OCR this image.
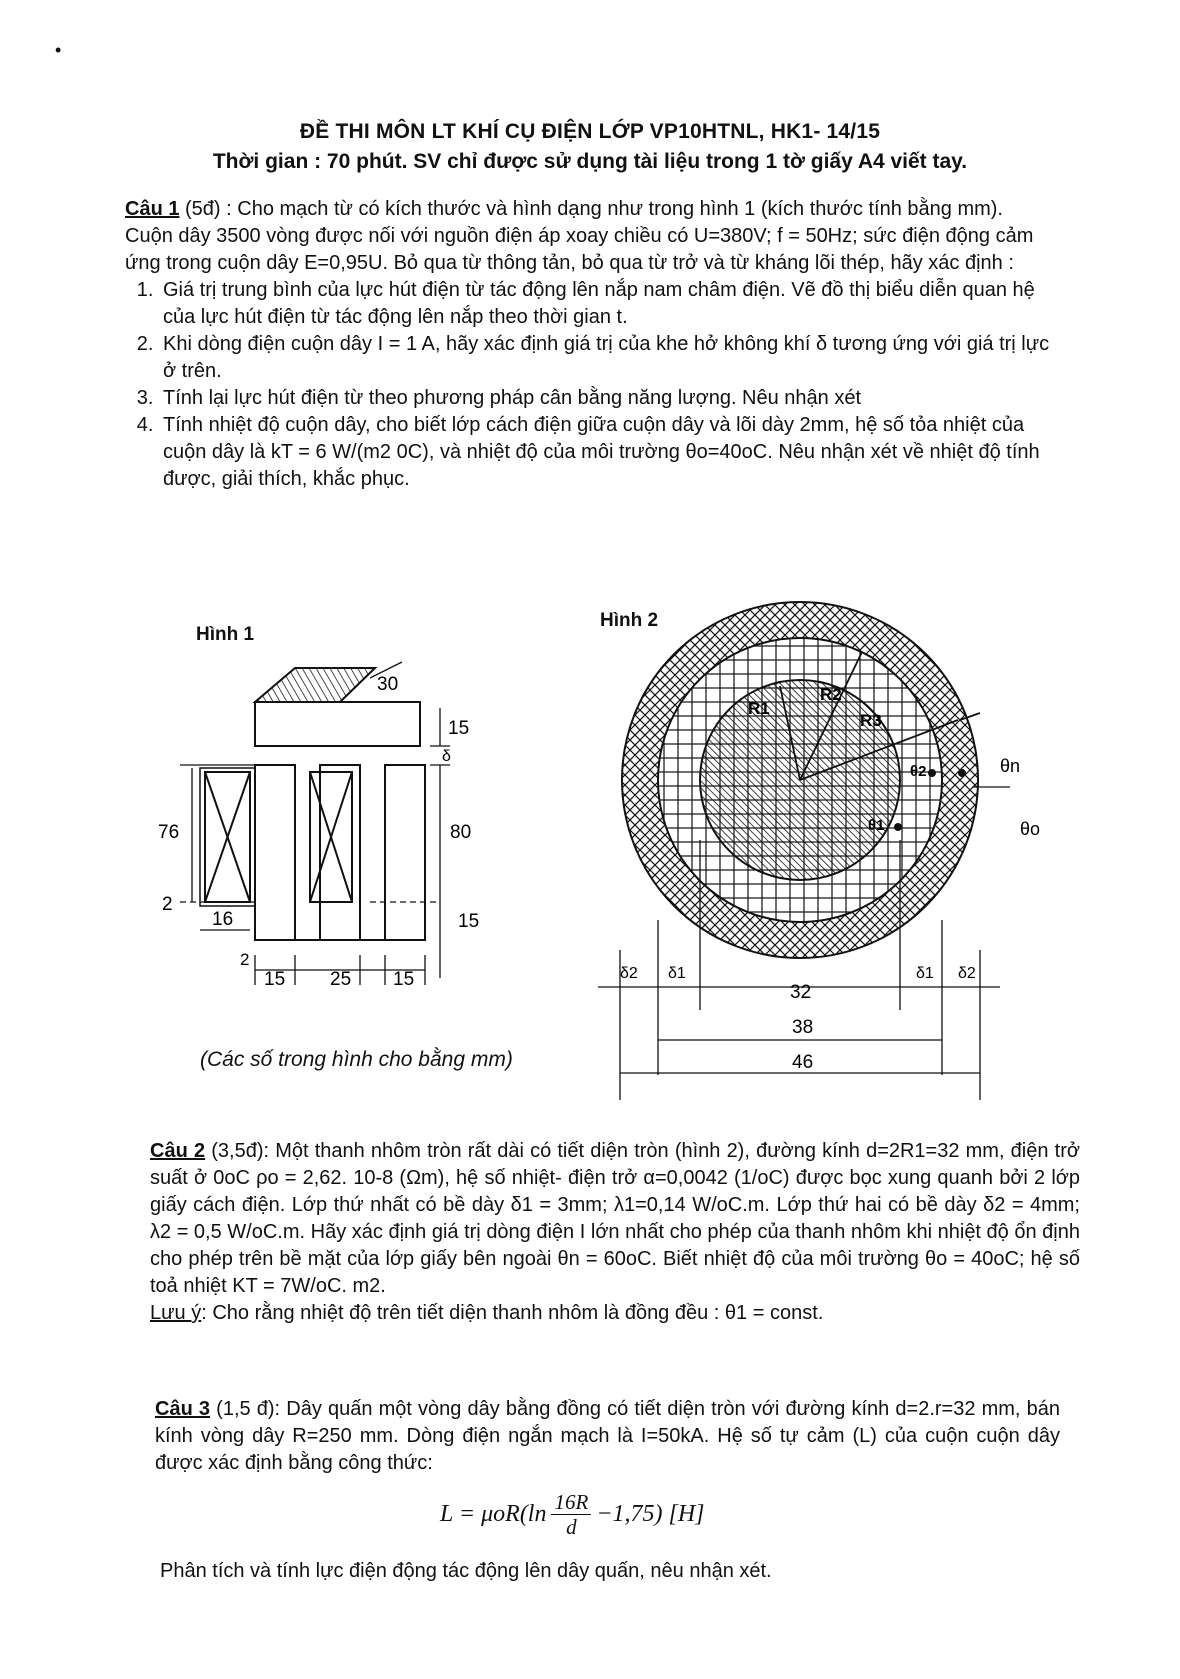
•
ĐỀ THI MÔN LT KHÍ CỤ ĐIỆN LỚP VP10HTNL, HK1- 14/15
Thời gian : 70 phút. SV chỉ được sử dụng tài liệu trong 1 tờ giấy A4 viết tay.
Câu 1 (5đ) : Cho mạch từ có kích thước và hình dạng như trong hình 1 (kích thước tính bằng mm). Cuộn dây 3500 vòng được nối với nguồn điện áp xoay chiều có U=380V; f = 50Hz; sức điện động cảm ứng trong cuộn dây E=0,95U. Bỏ qua từ thông tản, bỏ qua từ trở và từ kháng lõi thép, hãy xác định :
1. Giá trị trung bình của lực hút điện từ tác động lên nắp nam châm điện. Vẽ đồ thị biểu diễn quan hệ của lực hút điện từ tác động lên nắp theo thời gian t.
2. Khi dòng điện cuộn dây I = 1 A, hãy xác định giá trị của khe hở không khí δ tương ứng với giá trị lực ở trên.
3. Tính lại lực hút điện từ theo phương pháp cân bằng năng lượng. Nêu nhận xét
4. Tính nhiệt độ cuộn dây, cho biết lớp cách điện giữa cuộn dây và lõi dày 2mm, hệ số tỏa nhiệt của cuộn dây là kT = 6 W/(m2 0C), và nhiệt độ của môi trường θo=40oC. Nêu nhận xét về nhiệt độ tính được, giải thích, khắc phục.
Hình 1
30
15
δ
76	80
2
16	15
2
15 25 15
Hình 2
R1
R2
R3
θ1
θ2	θn
θo
δ2 δ1
32
δ1 δ2
38
46
(Các số trong hình cho bằng mm)
Câu 2 (3,5đ): Một thanh nhôm tròn rất dài có tiết diện tròn (hình 2), đường kính d=2R1=32 mm, điện trở suất ở 0oC ρo = 2,62. 10-8 (Ωm), hệ số nhiệt- điện trở α=0,0042 (1/oC) được bọc xung quanh bởi 2 lớp giấy cách điện. Lớp thứ nhất có bề dày δ1 = 3mm; λ1=0,14 W/oC.m. Lớp thứ hai có bề dày δ2 = 4mm; λ2 = 0,5 W/oC.m. Hãy xác định giá trị dòng điện I lớn nhất cho phép của thanh nhôm khi nhiệt độ ổn định cho phép trên bề mặt của lớp giấy bên ngoài θn = 60oC. Biết nhiệt độ của môi trường θo = 40oC; hệ số toả nhiệt KT = 7W/oC. m2.
Lưu ý: Cho rằng nhiệt độ trên tiết diện thanh nhôm là đồng đều : θ1 = const.
Câu 3 (1,5 đ): Dây quấn một vòng dây bằng đồng có tiết diện tròn với đường kính d=2.r=32 mm, bán kính vòng dây R=250 mm. Dòng điện ngắn mạch là I=50kA. Hệ số tự cảm (L) của cuộn cuộn dây được xác định bằng công thức:
$L = \mu oR(\ln \frac{16R}{d} -1,75)$ [H]
Phân tích và tính lực điện động tác động lên dây quấn, nêu nhận xét.
